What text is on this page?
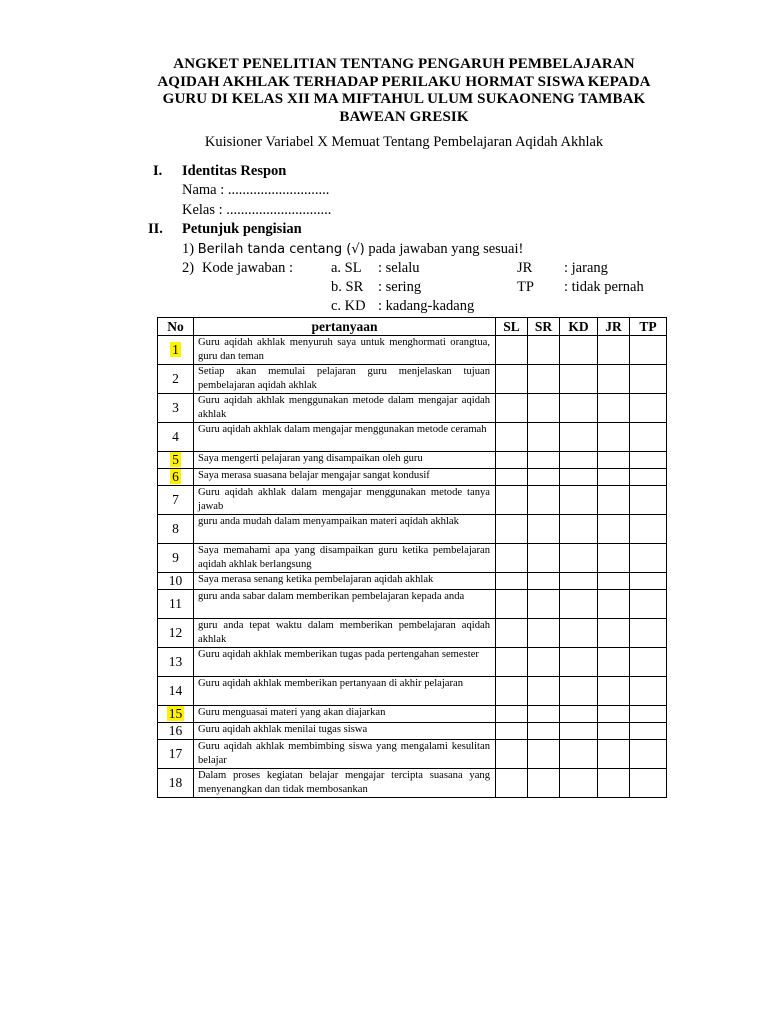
ANGKET PENELITIAN TENTANG PENGARUH PEMBELAJARAN
AQIDAH AKHLAK TERHADAP PERILAKU HORMAT SISWA KEPADA
GURU DI KELAS XII MA MIFTAHUL ULUM SUKAONENG TAMBAK
BAWEAN GRESIK
Kuisioner Variabel X Memuat Tentang Pembelajaran Aqidah Akhlak
I. Identitas Respon
Nama : ............................
Kelas : .............................
II. Petunjuk pengisian
1) Berilah tanda centang (√) pada jawaban yang sesuai!
2) Kode jawaban :	a. SL : selalu
b. SR : sering
c. KD : kadang-kadang
JR : jarang
TP : tidak pernah
No	pertanyaan	SL	SR	KD	JR	TP
1	Guru aqidah akhlak menyuruh saya untuk menghormati orangtua, guru dan teman					
2	Setiap akan memulai pelajaran guru menjelaskan tujuan pembelajaran aqidah akhlak					
3	Guru aqidah akhlak menggunakan metode dalam mengajar aqidah akhlak					
4	Guru aqidah akhlak dalam mengajar menggunakan metode ceramah					
5	Saya mengerti pelajaran yang disampaikan oleh guru					
6	Saya merasa suasana belajar mengajar sangat kondusif					
7	Guru aqidah akhlak dalam mengajar menggunakan metode tanya jawab					
8	guru anda mudah dalam menyampaikan materi aqidah akhlak					
9	Saya memahami apa yang disampaikan guru ketika pembelajaran aqidah akhlak berlangsung					
10	Saya merasa senang ketika pembelajaran aqidah akhlak					
11	guru anda sabar dalam memberikan pembelajaran kepada anda					
12	guru anda tepat waktu dalam memberikan pembelajaran aqidah akhlak					
13	Guru aqidah akhlak memberikan tugas pada pertengahan semester					
14	Guru aqidah akhlak memberikan pertanyaan di akhir pelajaran					
15	Guru menguasai materi yang akan diajarkan					
16	Guru aqidah akhlak menilai tugas siswa					
17	Guru aqidah akhlak membimbing siswa yang mengalami kesulitan belajar					
18	Dalam proses kegiatan belajar mengajar tercipta suasana yang menyenangkan dan tidak membosankan					
